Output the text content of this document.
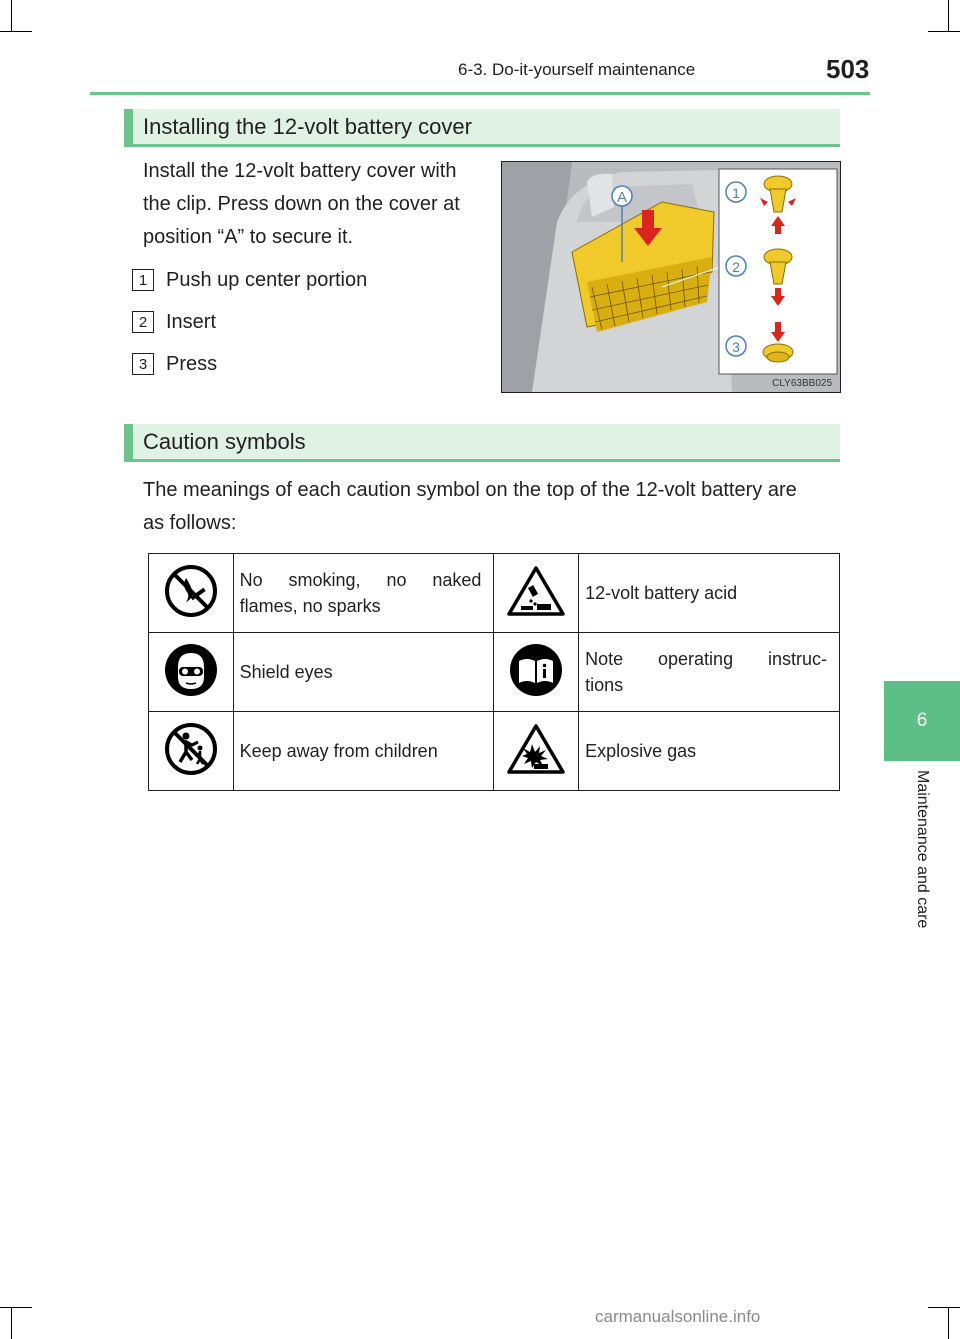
6-3. Do-it-yourself maintenance	503
6
Maintenance and care
Installing the 12-volt battery cover
Install the 12-volt battery cover with
the clip. Press down on the cover at
position “A” to secure it.
1 Push up center portion
2 Insert
3 Press
A	1
2
3
CLY63BB025
Caution symbols
The meanings of each caution symbol on the top of the 12-volt battery are
as follows:

No smoking, no naked
flames, no sparks		12-volt battery acid
	Shield eyes		Note operating instruc-
tions
	Keep away from children		Explosive gas
carmanualsonline.info
